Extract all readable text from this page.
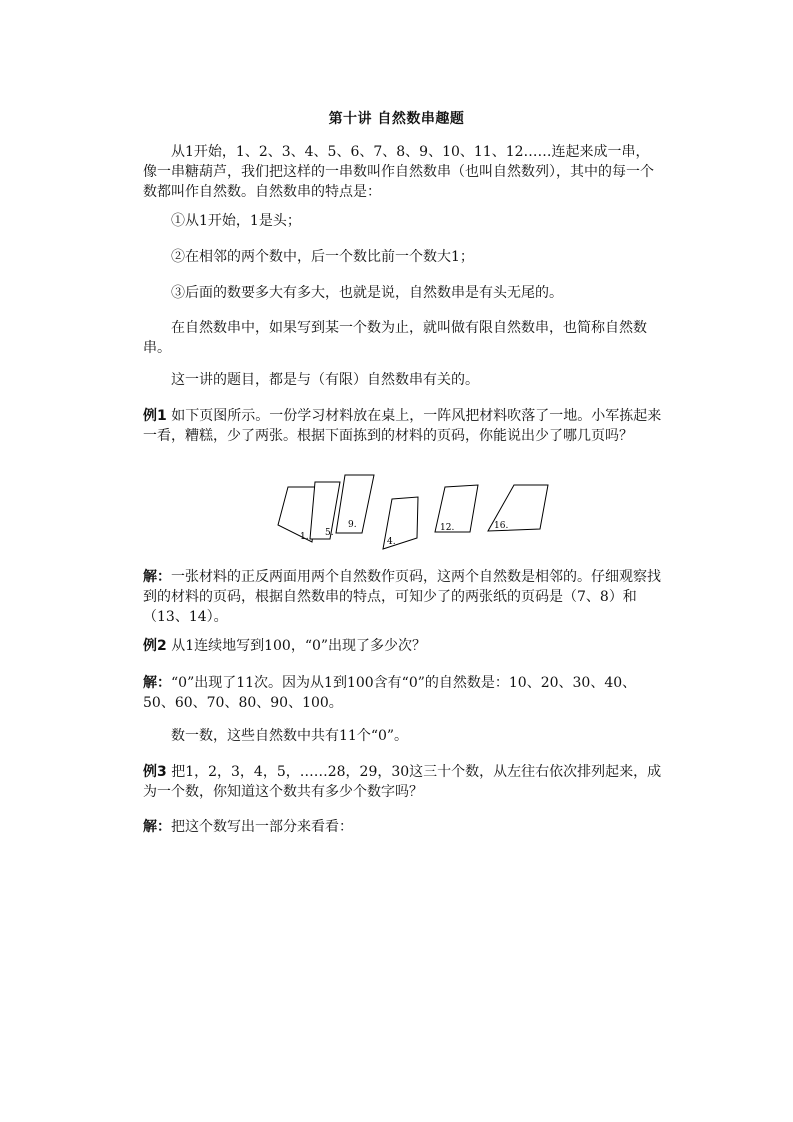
第十讲 自然数串趣题

从1开始，1、2、3、4、5、6、7、8、9、10、11、12……连起来成一串，像一串糖葫芦，我们把这样的一串数叫作自然数串（也叫自然数列），其中的每一个数都叫作自然数。自然数串的特点是：

①从1开始，1是头；

②在相邻的两个数中，后一个数比前一个数大1；

③后面的数要多大有多大，也就是说，自然数串是有头无尾的。

在自然数串中，如果写到某一个数为止，就叫做有限自然数串，也简称自然数串。

这一讲的题目，都是与（有限）自然数串有关的。

例1 如下页图所示。一份学习材料放在桌上，一阵风把材料吹落了一地。小军拣起来一看，糟糕，少了两张。根据下面拣到的材料的页码，你能说出少了哪几页吗？

1. 5.
9.
4.
12.	16.

解：一张材料的正反两面用两个自然数作页码，这两个自然数是相邻的。仔细观察找到的材料的页码，根据自然数串的特点，可知少了的两张纸的页码是（7、8）和（13、14）。

例2 从1连续地写到100，“0”出现了多少次？

解：“0”出现了11次。因为从1到100含有“0”的自然数是：10、20、30、40、50、60、70、80、90、100。

数一数，这些自然数中共有11个“0”。

例3 把1，2，3，4，5，……28，29，30这三十个数，从左往右依次排列起来，成为一个数，你知道这个数共有多少个数字吗？

解：把这个数写出一部分来看看：
